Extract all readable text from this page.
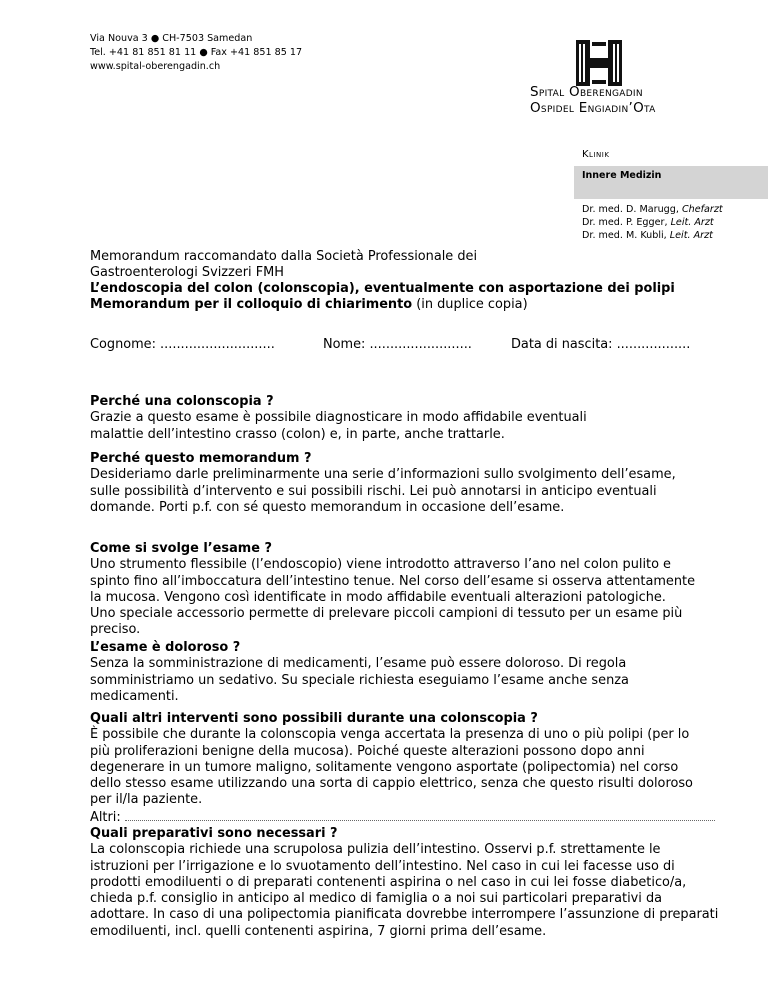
Via Nouva 3 ● CH-7503 Samedan
Tel. +41 81 851 81 11 ● Fax +41 851 85 17
www.spital-oberengadin.ch
Spital Oberengadin
Ospidel Engiadin’Ota
Klinik
Innere Medizin
Dr. med. D. Marugg, Chefarzt
Dr. med. P. Egger, Leit. Arzt
Dr. med. M. Kubli, Leit. Arzt

Memorandum raccomandato dalla Società Professionale dei

Gastroenterologi Svizzeri FMH

L’endoscopia del colon (colonscopia), eventualmente con asportazione dei polipi

Memorandum per il colloquio di chiarimento (in duplice copia)

Cognome: ............................	Nome: .........................	Data di nascita: ..................
Perché una colonscopia ?
Grazie a questo esame è possibile diagnosticare in modo affidabile eventuali malattie dell’intestino crasso (colon) e, in parte, anche trattarle.
Perché questo memorandum ?
Desideriamo darle preliminarmente una serie d’informazioni sullo svolgimento dell’esame, sulle possibilità d’intervento e sui possibili rischi. Lei può annotarsi in anticipo eventuali domande. Porti p.f. con sé questo memorandum in occasione dell’esame.
Come si svolge l’esame ?
Uno strumento flessibile (l’endoscopio) viene introdotto attraverso l’ano nel colon pulito e spinto fino all’imboccatura dell’intestino tenue. Nel corso dell’esame si osserva attentamente la mucosa. Vengono così identificate in modo affidabile eventuali alterazioni patologiche. Uno speciale accessorio permette di prelevare piccoli campioni di tessuto per un esame più preciso.
L’esame è doloroso ?
Senza la somministrazione di medicamenti, l’esame può essere doloroso. Di regola somministriamo un sedativo. Su speciale richiesta eseguiamo l’esame anche senza medicamenti.
Quali altri interventi sono possibili durante una colonscopia ?
È possibile che durante la colonscopia venga accertata la presenza di uno o più polipi (per lo più proliferazioni benigne della mucosa). Poiché queste alterazioni possono dopo anni degenerare in un tumore maligno, solitamente vengono asportate (polipectomia) nel corso dello stesso esame utilizzando una sorta di cappio elettrico, senza che questo risulti doloroso per il/la paziente.
Altri:
Quali preparativi sono necessari ?
La colonscopia richiede una scrupolosa pulizia dell’intestino. Osservi p.f. strettamente le istruzioni per l’irrigazione e lo svuotamento dell’intestino. Nel caso in cui lei facesse uso di prodotti emodiluenti o di preparati contenenti aspirina o nel caso in cui lei fosse diabetico/a, chieda p.f. consiglio in anticipo al medico di famiglia o a noi sui particolari preparativi da adottare. In caso di una polipectomia pianificata dovrebbe interrompere l’assunzione di preparati emodiluenti, incl. quelli contenenti aspirina, 7 giorni prima dell’esame.
